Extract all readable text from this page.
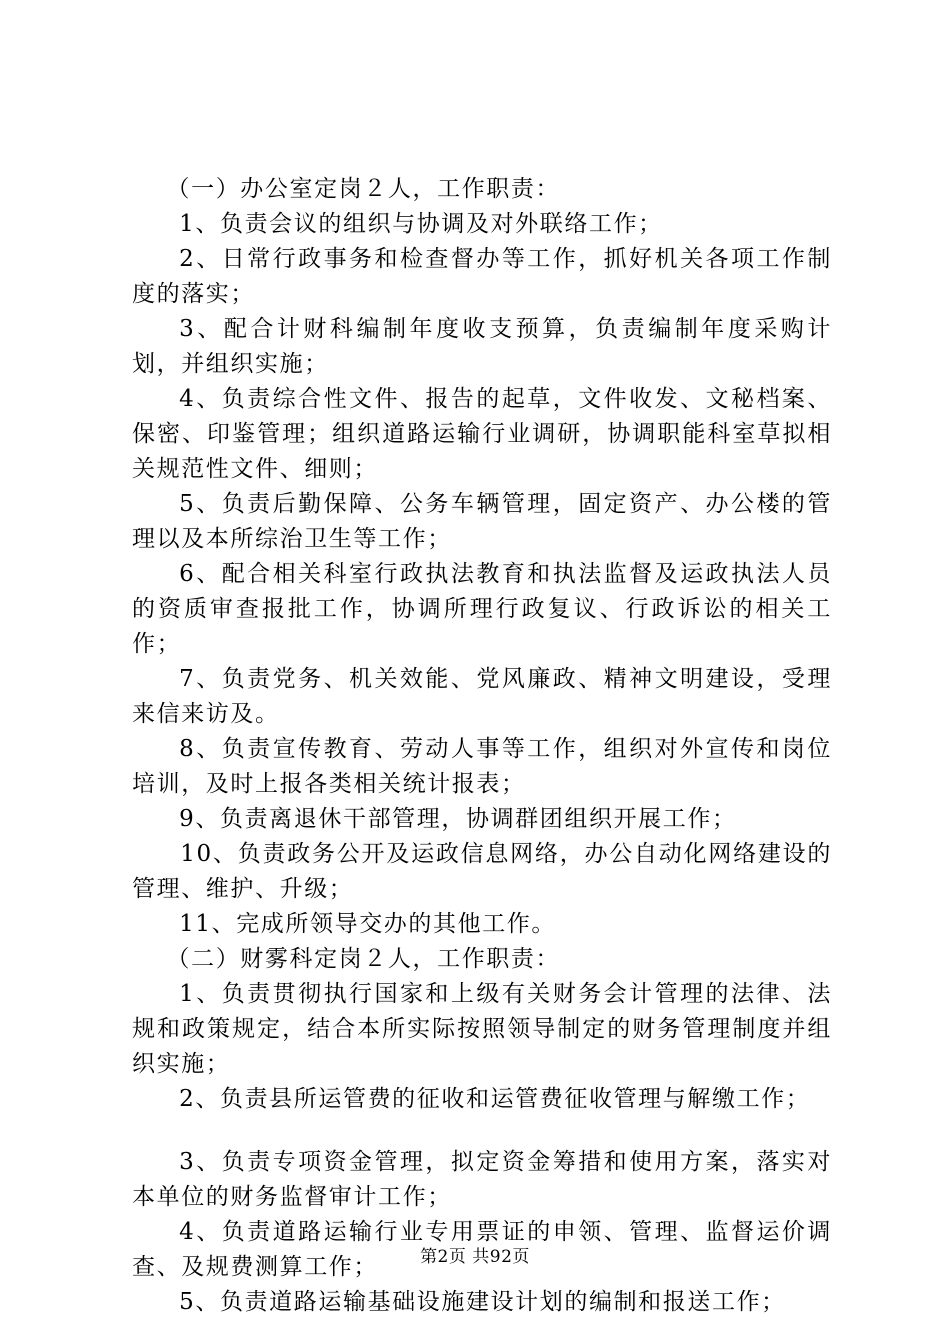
（一）办公室定岗２人，工作职责：

1、负责会议的组织与协调及对外联络工作；

2、日常行政事务和检查督办等工作，抓好机关各项工作制度的落实；

3、配合计财科编制年度收支预算，负责编制年度采购计划，并组织实施；

4、负责综合性文件、报告的起草，文件收发、文秘档案、保密、印鉴管理；组织道路运输行业调研，协调职能科室草拟相关规范性文件、细则；

5、负责后勤保障、公务车辆管理，固定资产、办公楼的管理以及本所综治卫生等工作；

6、配合相关科室行政执法教育和执法监督及运政执法人员的资质审查报批工作，协调所理行政复议、行政诉讼的相关工作；

7、负责党务、机关效能、党风廉政、精神文明建设，受理来信来访及。

8、负责宣传教育、劳动人事等工作，组织对外宣传和岗位培训，及时上报各类相关统计报表；

9、负责离退休干部管理，协调群团组织开展工作；

10、负责政务公开及运政信息网络，办公自动化网络建设的管理、维护、升级；

11、完成所领导交办的其他工作。

（二）财雾科定岗２人，工作职责：

1、负责贯彻执行国家和上级有关财务会计管理的法律、法规和政策规定，结合本所实际按照领导制定的财务管理制度并组织实施；

2、负责县所运管费的征收和运管费征收管理与解缴工作；

3、负责专项资金管理，拟定资金筹措和使用方案，落实对本单位的财务监督审计工作；

4、负责道路运输行业专用票证的申领、管理、监督运价调查、及规费测算工作；

5、负责道路运输基础设施建设计划的编制和报送工作；

第2页 共92页
